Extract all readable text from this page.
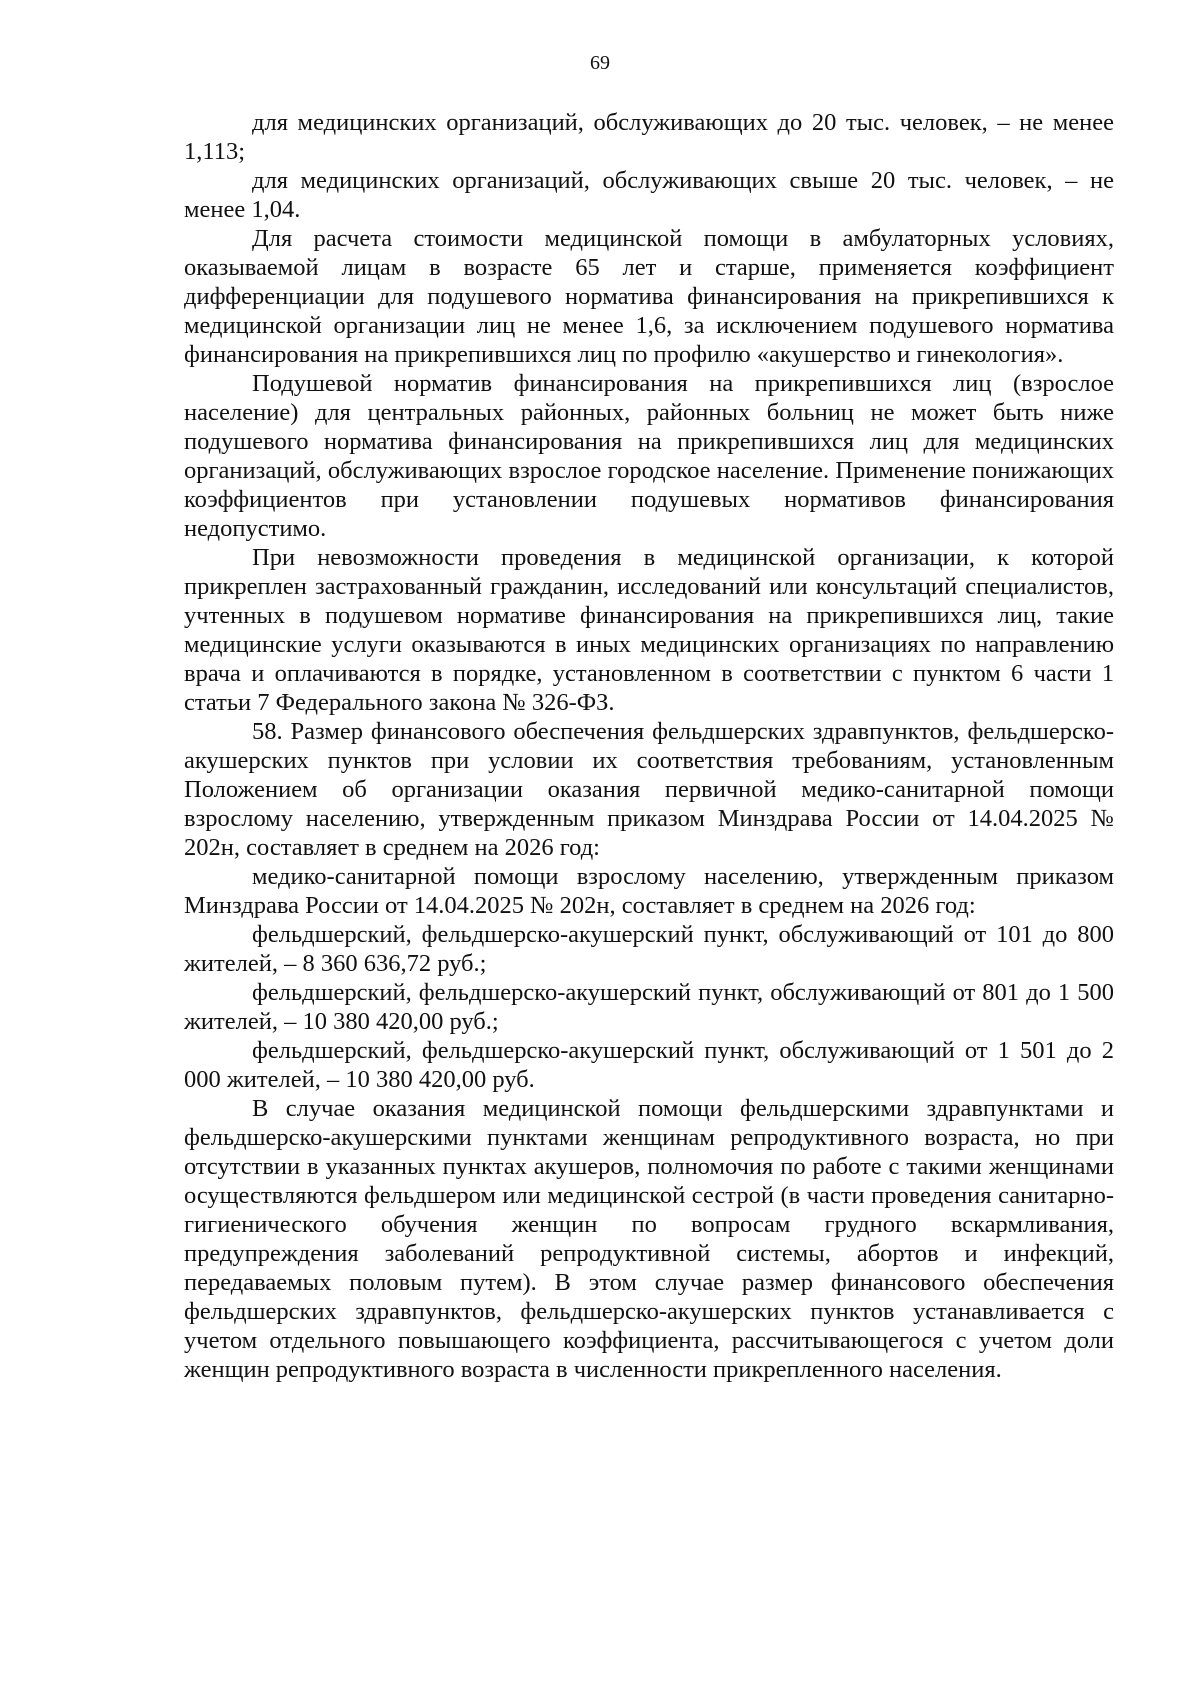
69

для медицинских организаций, обслуживающих до 20 тыс. человек, – не менее 1,113;

для медицинских организаций, обслуживающих свыше 20 тыс. человек, – не менее 1,04.

Для расчета стоимости медицинской помощи в амбулаторных условиях, оказываемой лицам в возрасте 65 лет и старше, применяется коэффициент дифференциации для подушевого норматива финансирования на прикрепившихся к медицинской организации лиц не менее 1,6, за исключением подушевого норматива финансирования на прикрепившихся лиц по профилю «акушерство и гинекология».

Подушевой норматив финансирования на прикрепившихся лиц (взрослое население) для центральных районных, районных больниц не может быть ниже подушевого норматива финансирования на прикрепившихся лиц для медицинских организаций, обслуживающих взрослое городское население. Применение понижающих коэффициентов при установлении подушевых нормативов финансирования недопустимо.

При невозможности проведения в медицинской организации, к которой прикреплен застрахованный гражданин, исследований или консультаций специалистов, учтенных в подушевом нормативе финансирования на прикрепившихся лиц, такие медицинские услуги оказываются в иных медицинских организациях по направлению врача и оплачиваются в порядке, установленном в соответствии с пунктом 6 части 1 статьи 7 Федерального закона № 326-ФЗ.

58. Размер финансового обеспечения фельдшерских здравпунктов, фельдшерско-акушерских пунктов при условии их соответствия требованиям, установленным Положением об организации оказания первичной медико-санитарной помощи взрослому населению, утвержденным приказом Минздрава России от 14.04.2025 № 202н, составляет в среднем на 2026 год:

медико-санитарной помощи взрослому населению, утвержденным приказом Минздрава России от 14.04.2025 № 202н, составляет в среднем на 2026 год:

фельдшерский, фельдшерско-акушерский пункт, обслуживающий от 101 до 800 жителей, – 8 360 636,72 руб.;

фельдшерский, фельдшерско-акушерский пункт, обслуживающий от 801 до 1 500 жителей, – 10 380 420,00 руб.;

фельдшерский, фельдшерско-акушерский пункт, обслуживающий от 1 501 до 2 000 жителей, – 10 380 420,00 руб.

В случае оказания медицинской помощи фельдшерскими здравпунктами и фельдшерско-акушерскими пунктами женщинам репродуктивного возраста, но при отсутствии в указанных пунктах акушеров, полномочия по работе с такими женщинами осуществляются фельдшером или медицинской сестрой (в части проведения санитарно-гигиенического обучения женщин по вопросам грудного вскармливания, предупреждения заболеваний репродуктивной системы, абортов и инфекций, передаваемых половым путем). В этом случае размер финансового обеспечения фельдшерских здравпунктов, фельдшерско-акушерских пунктов устанавливается с учетом отдельного повышающего коэффициента, рассчитывающегося с учетом доли женщин репродуктивного возраста в численности прикрепленного населения.
